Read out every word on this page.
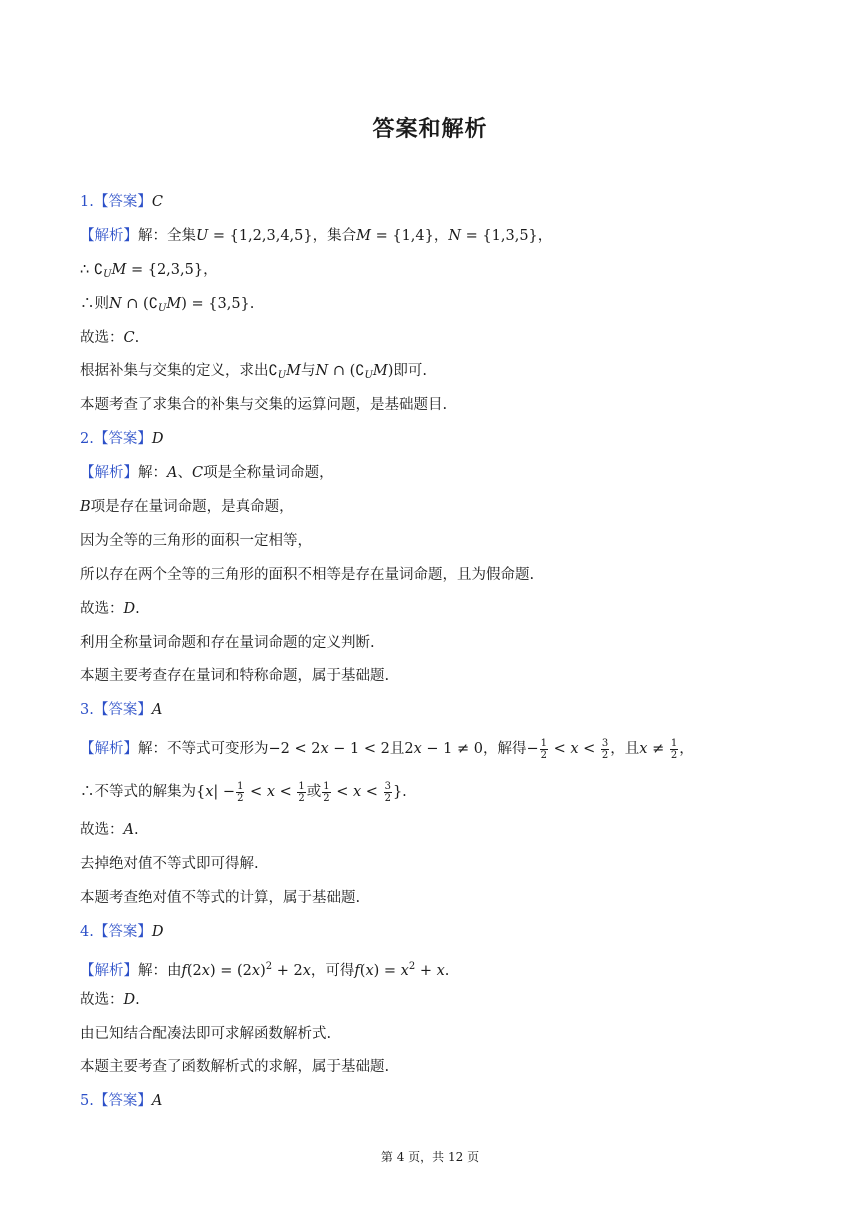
答案和解析
1.【答案】C
【解析】解：全集U = {1,2,3,4,5}，集合M = {1,4}，N = {1,3,5}，
∴ $∁_UM = \{2,3,5\}$，
∴则N ∩ $(∁_UM) = \{3,5\}$.
故选：C.
根据补集与交集的定义，求出$∁_UM$与N ∩ $(∁_UM)$即可.
本题考查了求集合的补集与交集的运算问题，是基础题目.
2.【答案】D
【解析】解：A、C项是全称量词命题，
B项是存在量词命题，是真命题，
因为全等的三角形的面积一定相等，
所以存在两个全等的三角形的面积不相等是存在量词命题，且为假命题.
故选：D.
利用全称量词命题和存在量词命题的定义判断.
本题主要考查存在量词和特称命题，属于基础题.
3.【答案】A
【解析】解：不等式可变形为−2 < 2x − 1 < 2且2x − 1 ≠ 0，解得− $\frac{1}{2} < x < \frac{3}{2}$ ，且$x \ne \frac{1}{2}$ ，
∴不等式的解集为{$x| - \frac{1}{2} < x < \frac{1}{2}$ 或 $\frac{1}{2} < x < \frac{3}{2}$ }.
故选：A.
去掉绝对值不等式即可得解.
本题考查绝对值不等式的计算，属于基础题.
4.【答案】D
【解析】解：由$f(2x) = (2x)^2 + 2x$，可得$f(x) = x^2 + x$.
故选：D.
由已知结合配凑法即可求解函数解析式.
本题主要考查了函数解析式的求解，属于基础题.
5.【答案】A
第 4 页，共 12 页
